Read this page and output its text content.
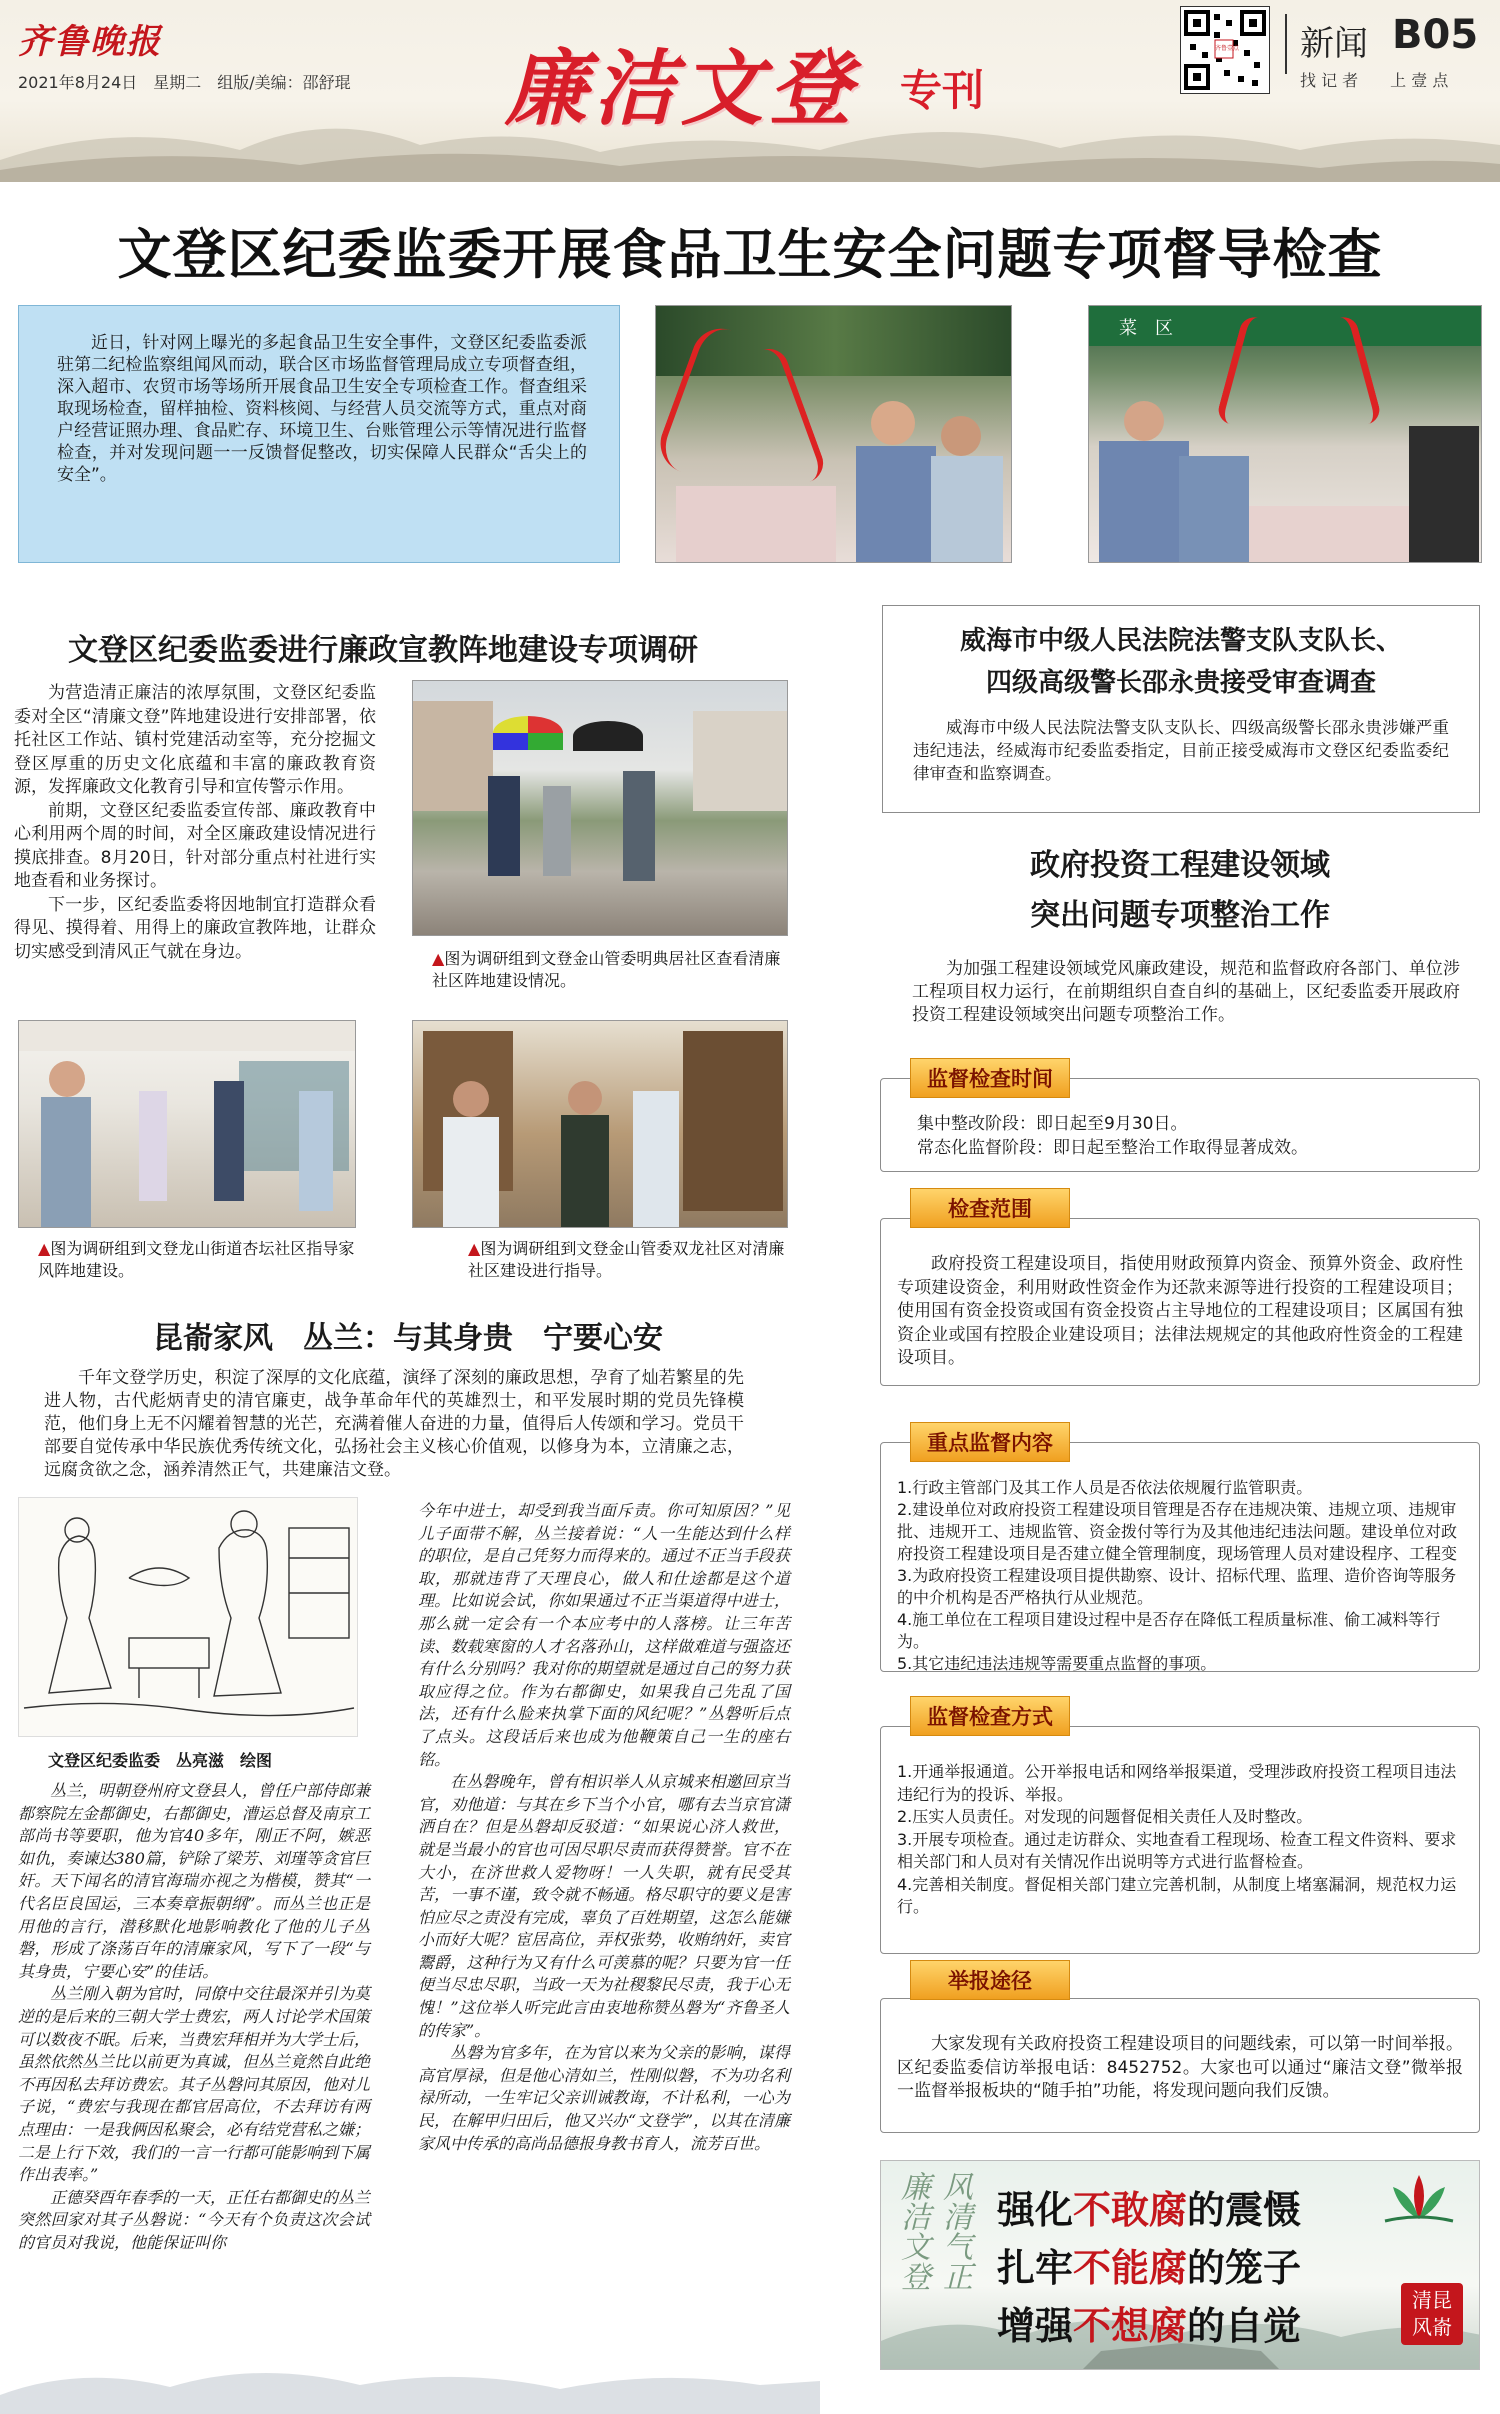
齐鲁晚报
2021年8月24日　星期二　组版/美编：邵舒琨 廉洁文登 专刊
齐鲁壹点 新闻 B05
找 记 者　　上 壹 点
文登区纪委监委开展食品卫生安全问题专项督导检查

近日，针对网上曝光的多起食品卫生安全事件，文登区纪委监委派驻第二纪检监察组闻风而动，联合区市场监督管理局成立专项督查组，深入超市、农贸市场等场所开展食品卫生安全专项检查工作。督查组采取现场检查，留样抽检、资料核阅、与经营人员交流等方式，重点对商户经营证照办理、食品贮存、环境卫生、台账管理公示等情况进行监督检查，并对发现问题一一反馈督促整改，切实保障人民群众“舌尖上的安全”。

菜　区
文登区纪委监委进行廉政宣教阵地建设专项调研

为营造清正廉洁的浓厚氛围，文登区纪委监委对全区“清廉文登”阵地建设进行安排部署，依托社区工作站、镇村党建活动室等，充分挖掘文登区厚重的历史文化底蕴和丰富的廉政教育资源，发挥廉政文化教育引导和宣传警示作用。

前期，文登区纪委监委宣传部、廉政教育中心利用两个周的时间，对全区廉政建设情况进行摸底排查。8月20日，针对部分重点村社进行实地查看和业务探讨。

下一步，区纪委监委将因地制宜打造群众看得见、摸得着、用得上的廉政宣教阵地，让群众切实感受到清风正气就在身边。	▲图为调研组到文登金山管委明典居社区查看清廉社区阵地建设情况。
▲图为调研组到文登龙山街道杏坛社区指导家风阵地建设。
▲图为调研组到文登金山管委双龙社区对清廉社区建设进行指导。
昆嵛家风　丛兰：与其身贵　宁要心安

千年文登学历史，积淀了深厚的文化底蕴，演绎了深刻的廉政思想，孕育了灿若繁星的先进人物，古代彪炳青史的清官廉吏，战争革命年代的英雄烈士，和平发展时期的党员先锋模范，他们身上无不闪耀着智慧的光芒，充满着催人奋进的力量，值得后人传颂和学习。党员干部要自觉传承中华民族优秀传统文化，弘扬社会主义核心价值观，以修身为本，立清廉之志，远腐贪欲之念，涵养清然正气，共建廉洁文登。

文登区纪委监委　丛亮滋　绘图

丛兰，明朝登州府文登县人，曾任户部侍郎兼都察院左金都御史，右都御史，漕运总督及南京工部尚书等要职，他为官40多年，刚正不阿，嫉恶如仇，奏谏达380篇，铲除了梁芳、刘瑾等贪官巨奸。天下闻名的清官海瑞亦视之为楷模，赞其“一代名臣良国运，三本奏章振朝纲”。而丛兰也正是用他的言行，潜移默化地影响教化了他的儿子丛磐，形成了涤荡百年的清廉家风，写下了一段“与其身贵，宁要心安”的佳话。

丛兰刚入朝为官时，同僚中交往最深并引为莫逆的是后来的三朝大学士费宏，两人讨论学术国策可以数夜不眠。后来，当费宏拜相并为大学士后，虽然依然丛兰比以前更为真诚，但丛兰竟然自此绝不再因私去拜访费宏。其子丛磐问其原因，他对儿子说，“费宏与我现在都官居高位，不去拜访有两点理由：一是我俩因私聚会，必有结党营私之嫌；二是上行下效，我们的一言一行都可能影响到下属作出表率。”

正德癸酉年春季的一天，正任右都御史的丛兰突然回家对其子丛磐说：“今天有个负责这次会试的官员对我说，他能保证叫你

今年中进士，却受到我当面斥责。你可知原因？”见儿子面带不解，丛兰接着说：“人一生能达到什么样的职位，是自己凭努力而得来的。通过不正当手段获取，那就违背了天理良心，做人和仕途都是这个道理。比如说会试，你如果通过不正当渠道得中进士，那么就一定会有一个本应考中的人落榜。让三年苦读、数载寒窗的人才名落孙山，这样做难道与强盗还有什么分别吗？我对你的期望就是通过自己的努力获取应得之位。作为右都御史，如果我自己先乱了国法，还有什么脸来执掌下面的风纪呢？”丛磐听后点了点头。这段话后来也成为他鞭策自己一生的座右铭。

在丛磐晚年，曾有相识举人从京城来相邀回京当官，劝他道：与其在乡下当个小官，哪有去当京官潇洒自在？但是丛磐却反驳道：“如果说心济人救世，就是当最小的官也可因尽职尽责而获得赞誉。官不在大小，在济世救人爱物呀！一人失职，就有民受其苦，一事不谨，致令就不畅通。格尽职守的要义是害怕应尽之责没有完成，辜负了百姓期望，这怎么能嫌小而好大呢？宦居高位，弄权张势，收贿纳奸，卖官鬻爵，这种行为又有什么可羡慕的呢？只要为官一任便当尽忠尽职，当政一天为社稷黎民尽责，我于心无愧！”这位举人听完此言由衷地称赞丛磐为“齐鲁圣人的传家”。

丛磐为官多年，在为官以来为父亲的影响，谋得高官厚禄，但是他心清如兰，性刚似磐，不为功名利禄所动，一生牢记父亲训诫教诲，不计私利，一心为民，在解甲归田后，他又兴办“文登学”，以其在清廉家风中传承的高尚品德报身教书育人，流芳百世。

威海市中级人民法院法警支队支队长、
四级高级警长邵永贵接受审查调查

威海市中级人民法院法警支队支队长、四级高级警长邵永贵涉嫌严重违纪违法，经威海市纪委监委指定，目前正接受威海市文登区纪委监委纪律审查和监察调查。

政府投资工程建设领域
突出问题专项整治工作

为加强工程建设领域党风廉政建设，规范和监督政府各部门、单位涉工程项目权力运行，在前期组织自查自纠的基础上，区纪委监委开展政府投资工程建设领域突出问题专项整治工作。

集中整改阶段：即日起至9月30日。
常态化监督阶段：即日起至整治工作取得显著成效。
监督检查时间

政府投资工程建设项目，指使用财政预算内资金、预算外资金、政府性专项建设资金，利用财政性资金作为还款来源等进行投资的工程建设项目；使用国有资金投资或国有资金投资占主导地位的工程建设项目；区属国有独资企业或国有控股企业建设项目；法律法规规定的其他政府性资金的工程建设项目。

检查范围
1.行政主管部门及其工作人员是否依法依规履行监管职责。
2.建设单位对政府投资工程建设项目管理是否存在违规决策、违规立项、违规审批、违规开工、违规监管、资金拨付等行为及其他违纪违法问题。建设单位对政府投资工程建设项目是否建立健全管理制度，现场管理人员对建设程序、工程变
3.为政府投资工程建设项目提供勘察、设计、招标代理、监理、造价咨询等服务的中介机构是否严格执行从业规范。
4.施工单位在工程项目建设过程中是否存在降低工程质量标准、偷工减料等行为。
5.其它违纪违法违规等需要重点监督的事项。
重点监督内容
1.开通举报通道。公开举报电话和网络举报渠道，受理涉政府投资工程项目违法违纪行为的投诉、举报。
2.压实人员责任。对发现的问题督促相关责任人及时整改。
3.开展专项检查。通过走访群众、实地查看工程现场、检查工程文件资料、要求相关部门和人员对有关情况作出说明等方式进行监督检查。
4.完善相关制度。督促相关部门建立完善机制，从制度上堵塞漏洞，规范权力运行。
监督检查方式

大家发现有关政府投资工程建设项目的问题线索，可以第一时间举报。区纪委监委信访举报电话：8452752。大家也可以通过“廉洁文登”微举报一监督举报板块的“随手拍”功能，将发现问题向我们反馈。

举报途径
廉洁文登 风清气正 强化不敢腐的震慑
扎牢不能腐的笼子
增强不想腐的自觉
清昆风嵛
